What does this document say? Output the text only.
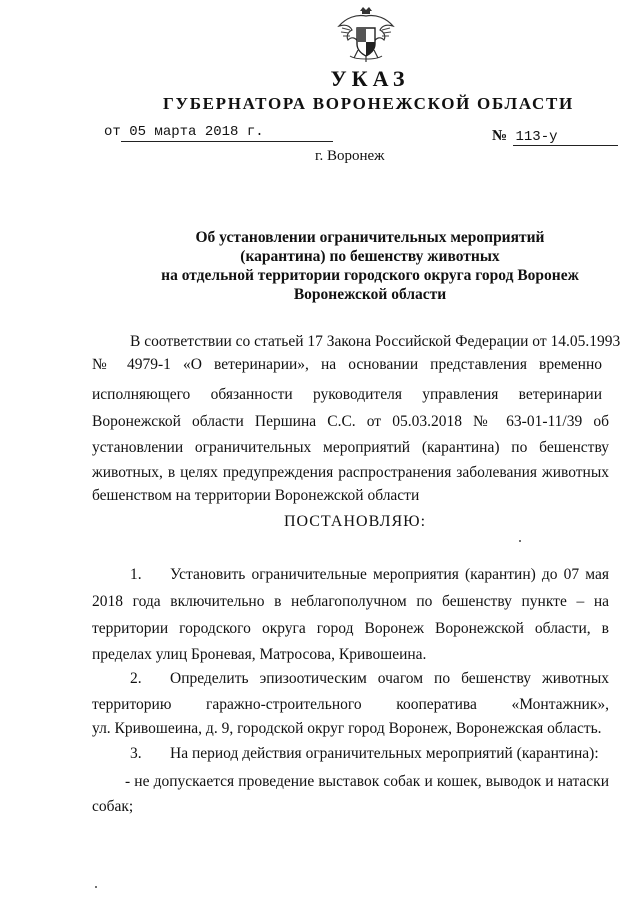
УКАЗ
ГУБЕРНАТОРА ВОРОНЕЖСКОЙ ОБЛАСТИ
от 05 марта 2018 г.	№ 113-у
г. Воронеж
Об установлении ограничительных мероприятий
(карантина) по бешенству животных
на отдельной территории городского округа город Воронеж
Воронежской области
В соответствии со статьей 17 Закона Российской Федерации от 14.05.1993
№ 4979-1 «О ветеринарии», на основании представления временно
исполняющего обязанности руководителя управления ветеринарии
Воронежской области Першина С.С. от 05.03.2018 № 63-01-11/39 об
установлении ограничительных мероприятий (карантина) по бешенству
животных, в целях предупреждения распространения заболевания животных
бешенством на территории Воронежской области
ПОСТАНОВЛЯЮ:
1. Установить ограничительные мероприятия (карантин) до 07 мая
2018 года включительно в неблагополучном по бешенству пункте – на
территории городского округа город Воронеж Воронежской области, в
пределах улиц Броневая, Матросова, Кривошеина.
2. Определить эпизоотическим очагом по бешенству животных
территорию гаражно-строительного кооператива «Монтажник»,
ул. Кривошеина, д. 9, городской округ город Воронеж, Воронежская область.
3. На период действия ограничительных мероприятий (карантина):
- не допускается проведение выставок собак и кошек, выводок и натаски
собак;
